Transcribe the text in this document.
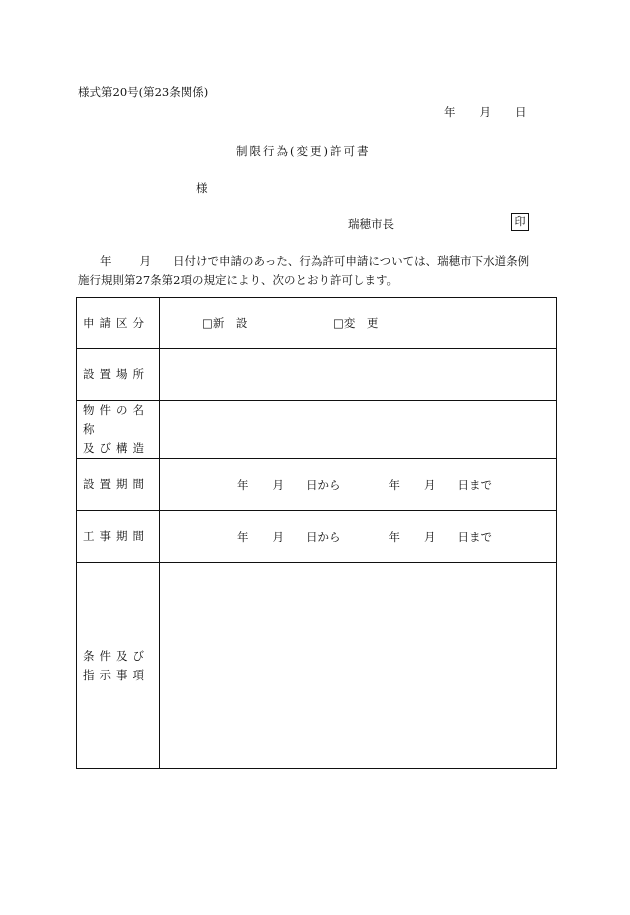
様式第20号(第23条関係)
年 月 日
制限行為(変更)許可書
様
瑞穂市長	印
年 月 日付けで申請のあった、行為許可申請については、瑞穂市下水道条例
施行規則第27条第2項の規定により、次のとおり許可します。
申請区分	□新　設 □変　更
設置場所	

物件の名称
及び構造	

設置期間	年 月 日から 年 月 日まで
工事期間	年 月 日から 年 月 日まで

条件及び
指示事項	
